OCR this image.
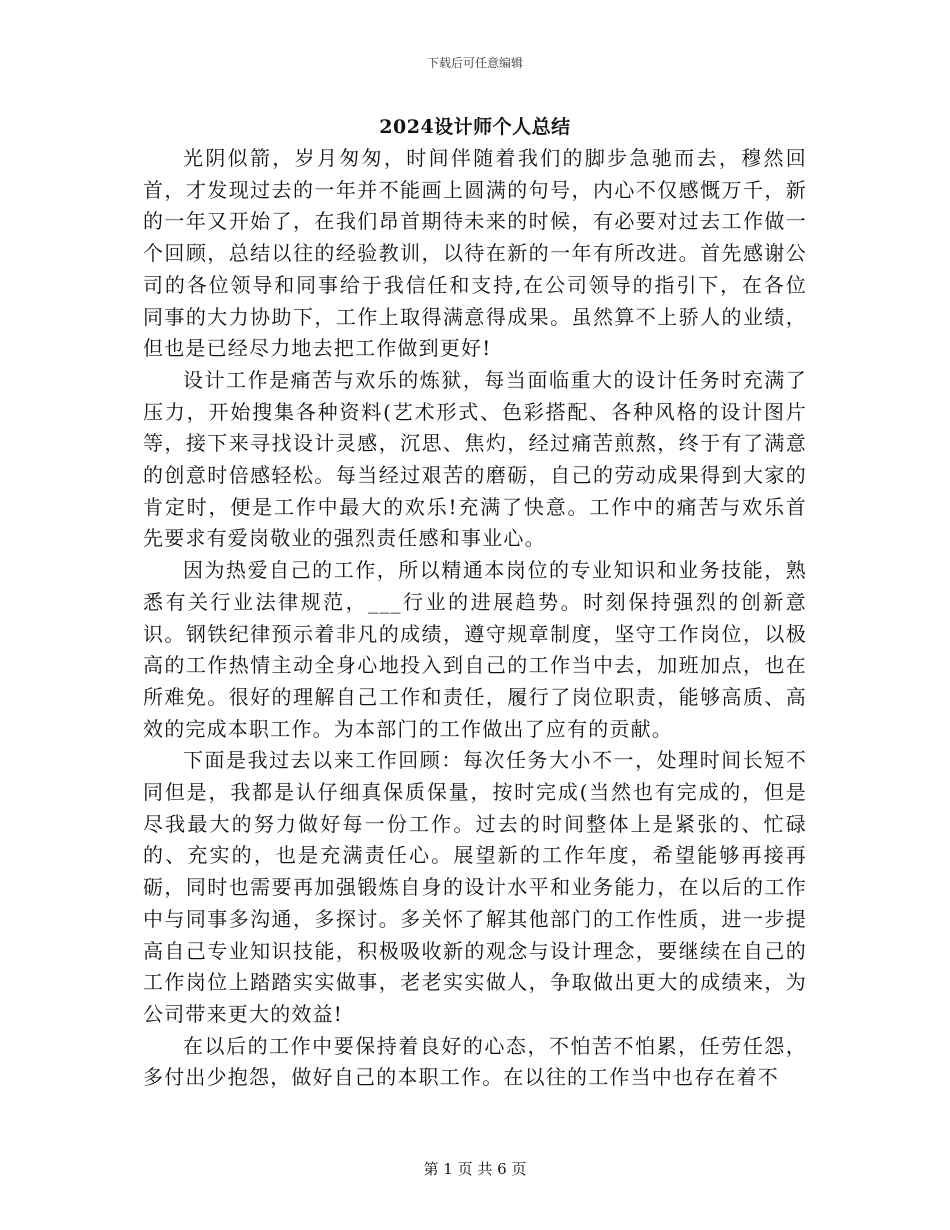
下载后可任意编辑
2024设计师个人总结

光阴似箭，岁月匆匆，时间伴随着我们的脚步急驰而去，穆然回首，才发现过去的一年并不能画上圆满的句号，内心不仅感慨万千，新的一年又开始了，在我们昂首期待未来的时候，有必要对过去工作做一个回顾，总结以往的经验教训，以待在新的一年有所改进。首先感谢公司的各位领导和同事给于我信任和支持,在公司领导的指引下，在各位同事的大力协助下，工作上取得满意得成果。虽然算不上骄人的业绩，但也是已经尽力地去把工作做到更好!

设计工作是痛苦与欢乐的炼狱，每当面临重大的设计任务时充满了压力，开始搜集各种资料(艺术形式、色彩搭配、各种风格的设计图片等，接下来寻找设计灵感，沉思、焦灼，经过痛苦煎熬，终于有了满意的创意时倍感轻松。每当经过艰苦的磨砺，自己的劳动成果得到大家的肯定时，便是工作中最大的欢乐!充满了快意。工作中的痛苦与欢乐首先要求有爱岗敬业的强烈责任感和事业心。

因为热爱自己的工作，所以精通本岗位的专业知识和业务技能，熟悉有关行业法律规范，___行业的进展趋势。时刻保持强烈的创新意识。钢铁纪律预示着非凡的成绩，遵守规章制度，坚守工作岗位，以极高的工作热情主动全身心地投入到自己的工作当中去，加班加点，也在所难免。很好的理解自己工作和责任，履行了岗位职责，能够高质、高效的完成本职工作。为本部门的工作做出了应有的贡献。

下面是我过去以来工作回顾：每次任务大小不一，处理时间长短不同但是，我都是认仔细真保质保量，按时完成(当然也有完成的，但是尽我最大的努力做好每一份工作。过去的时间整体上是紧张的、忙碌的、充实的，也是充满责任心。展望新的工作年度，希望能够再接再砺，同时也需要再加强锻炼自身的设计水平和业务能力，在以后的工作中与同事多沟通，多探讨。多关怀了解其他部门的工作性质，进一步提高自己专业知识技能，积极吸收新的观念与设计理念，要继续在自己的工作岗位上踏踏实实做事，老老实实做人，争取做出更大的成绩来，为公司带来更大的效益!

在以后的工作中要保持着良好的心态，不怕苦不怕累，任劳任怨，多付出少抱怨，做好自己的本职工作。在以往的工作当中也存在着不

第 1 页 共 6 页
